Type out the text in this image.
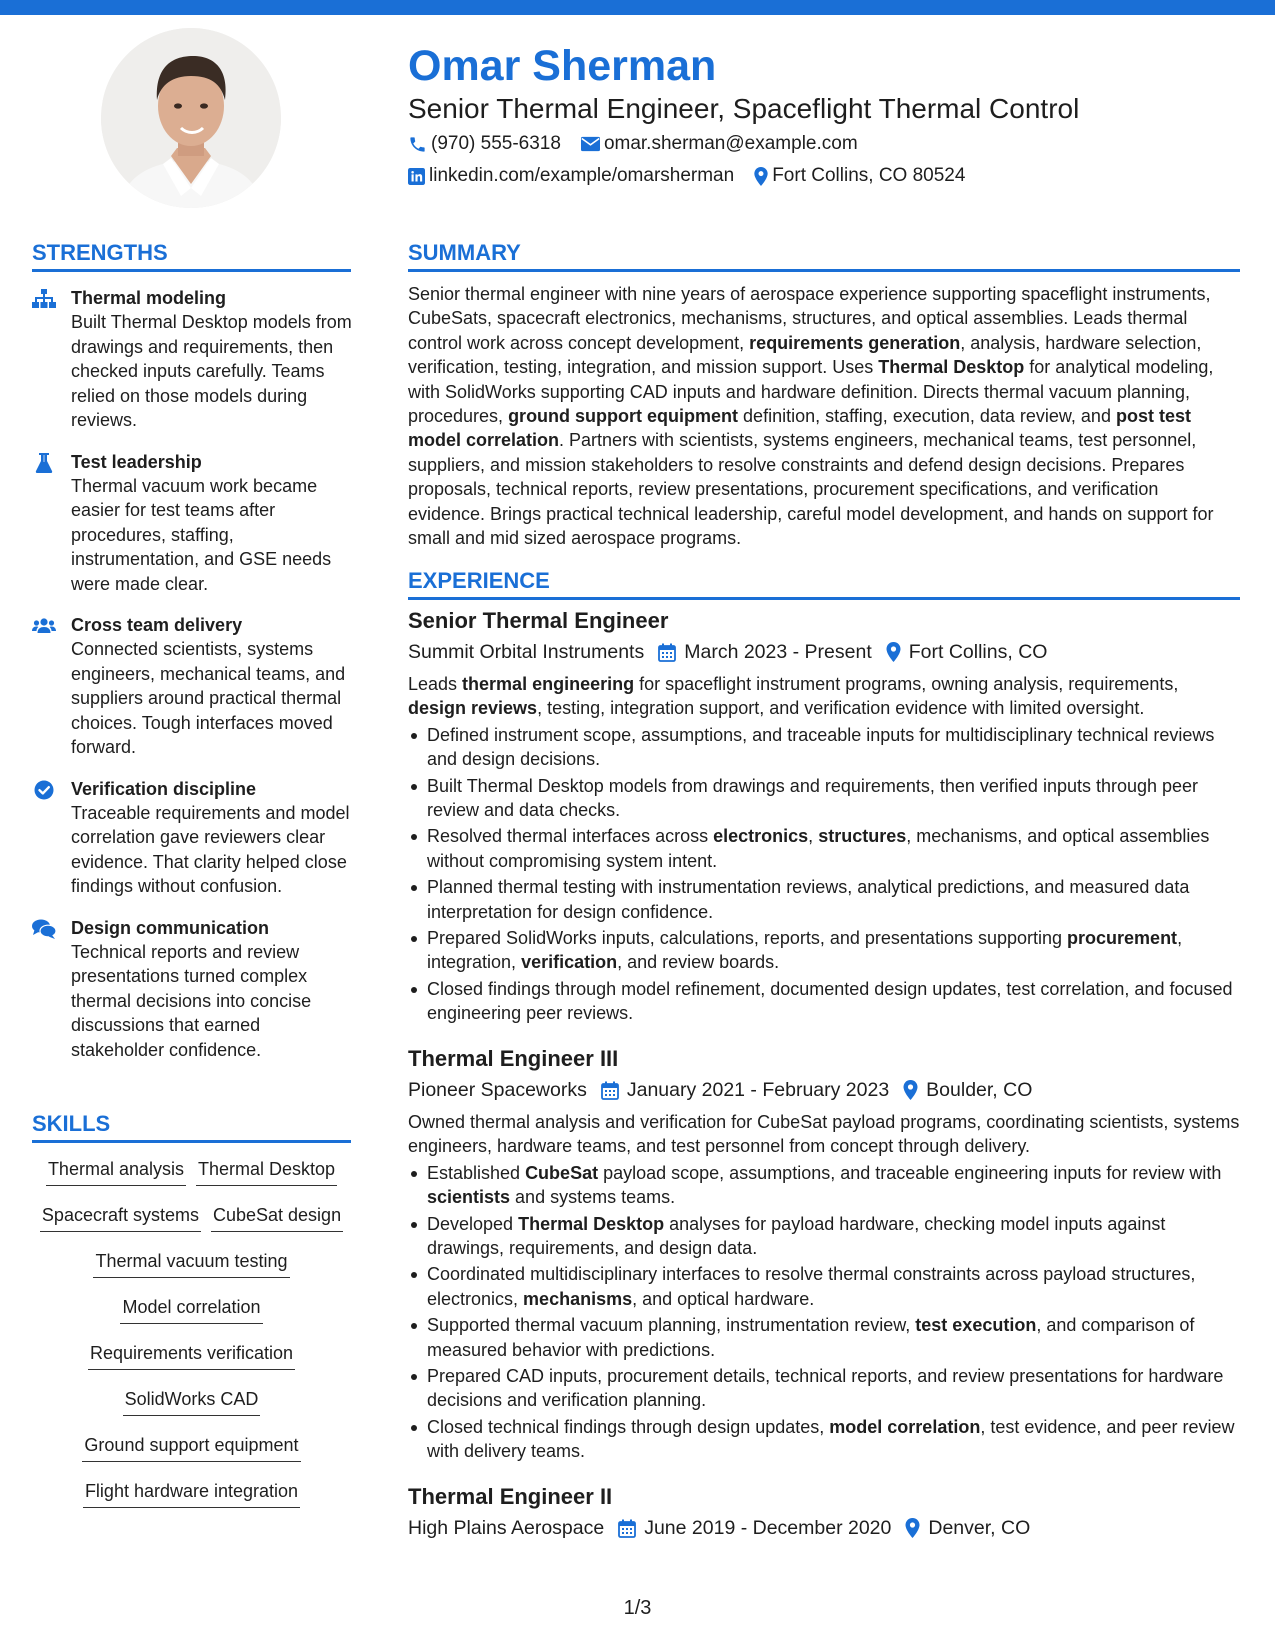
Omar Sherman
Senior Thermal Engineer, Spaceflight Thermal Control
(970) 555-6318 omar.sherman@example.com
linkedin.com/example/omarsherman Fort Collins, CO 80524
STRENGTHS
Thermal modeling
Built Thermal Desktop models from drawings and requirements, then checked inputs carefully. Teams relied on those models during reviews.
Test leadership
Thermal vacuum work became easier for test teams after procedures, staffing, instrumentation, and GSE needs were made clear.
Cross team delivery
Connected scientists, systems engineers, mechanical teams, and suppliers around practical thermal choices. Tough interfaces moved forward.
Verification discipline
Traceable requirements and model correlation gave reviewers clear evidence. That clarity helped close findings without confusion.
Design communication
Technical reports and review presentations turned complex thermal decisions into concise discussions that earned stakeholder confidence.
SKILLS
Thermal analysis Thermal DesktopSpacecraft systems CubeSat designThermal vacuum testingModel correlationRequirements verificationSolidWorks CADGround support equipmentFlight hardware integration
SUMMARY
Senior thermal engineer with nine years of aerospace experience supporting spaceflight instruments, CubeSats, spacecraft electronics, mechanisms, structures, and optical assemblies. Leads thermal control work across concept development, requirements generation, analysis, hardware selection, verification, testing, integration, and mission support. Uses Thermal Desktop for analytical modeling, with SolidWorks supporting CAD inputs and hardware definition. Directs thermal vacuum planning, procedures, ground support equipment definition, staffing, execution, data review, and post test model correlation. Partners with scientists, systems engineers, mechanical teams, test personnel, suppliers, and mission stakeholders to resolve constraints and defend design decisions. Prepares proposals, technical reports, review presentations, procurement specifications, and verification evidence. Brings practical technical leadership, careful model development, and hands on support for small and mid sized aerospace programs.
EXPERIENCE
Senior Thermal Engineer
Summit Orbital Instruments March 2023 - Present Fort Collins, CO
Leads thermal engineering for spaceflight instrument programs, owning analysis, requirements, design reviews, testing, integration support, and verification evidence with limited oversight.
Defined instrument scope, assumptions, and traceable inputs for multidisciplinary technical reviews and design decisions.
Built Thermal Desktop models from drawings and requirements, then verified inputs through peer review and data checks.
Resolved thermal interfaces across electronics, structures, mechanisms, and optical assemblies without compromising system intent.
Planned thermal testing with instrumentation reviews, analytical predictions, and measured data interpretation for design confidence.
Prepared SolidWorks inputs, calculations, reports, and presentations supporting procurement, integration, verification, and review boards.
Closed findings through model refinement, documented design updates, test correlation, and focused engineering peer reviews.
Thermal Engineer III
Pioneer Spaceworks January 2021 - February 2023 Boulder, CO
Owned thermal analysis and verification for CubeSat payload programs, coordinating scientists, systems engineers, hardware teams, and test personnel from concept through delivery.
Established CubeSat payload scope, assumptions, and traceable engineering inputs for review with scientists and systems teams.
Developed Thermal Desktop analyses for payload hardware, checking model inputs against drawings, requirements, and design data.
Coordinated multidisciplinary interfaces to resolve thermal constraints across payload structures, electronics, mechanisms, and optical hardware.
Supported thermal vacuum planning, instrumentation review, test execution, and comparison of measured behavior with predictions.
Prepared CAD inputs, procurement details, technical reports, and review presentations for hardware decisions and verification planning.
Closed technical findings through design updates, model correlation, test evidence, and peer review with delivery teams.
Thermal Engineer II
High Plains Aerospace June 2019 - December 2020 Denver, CO
1/3
